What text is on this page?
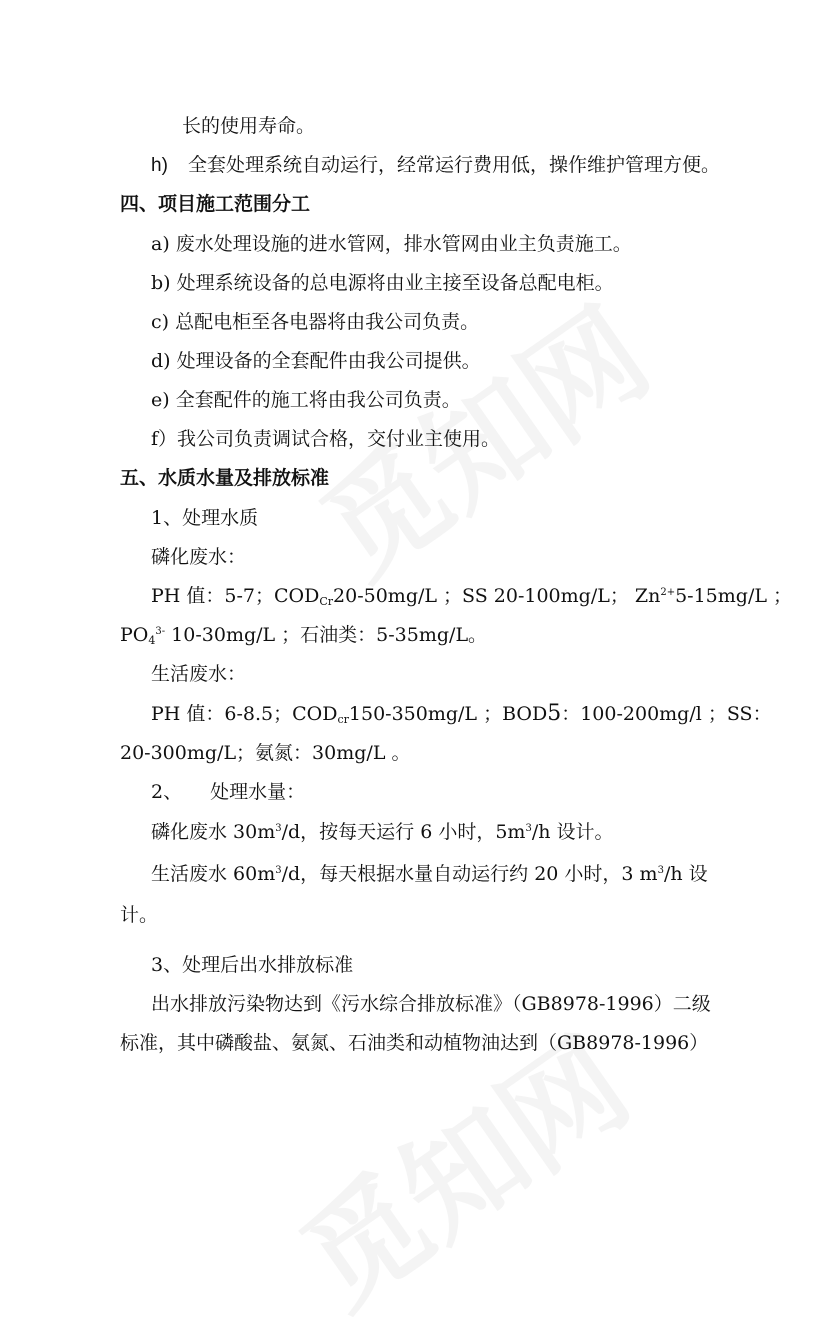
长的使用寿命。
h) 全套处理系统自动运行，经常运行费用低，操作维护管理方便。
四、项目施工范围分工
a) 废水处理设施的进水管网，排水管网由业主负责施工。
b) 处理系统设备的总电源将由业主接至设备总配电柜。
c) 总配电柜至各电器将由我公司负责。
d) 处理设备的全套配件由我公司提供。
e) 全套配件的施工将由我公司负责。
f）我公司负责调试合格，交付业主使用。
五、水质水量及排放标准
1、处理水质
磷化废水：
PH 值：5-7；$COD_{Cr}20-50mg/L$ ；SS 20-100mg/L； $Zn^{2+}5-15mg/L$ ；
$PO_4^{3-}$ 10-30mg/L ；石油类：5-35mg/L。
生活废水：
PH 值：6-8.5；$COD_{cr}150-350mg/L$ ；BOD5：100-200mg/l ；SS：
20-300mg/L；氨氮：30mg/L 。
2、 处理水量：
磷化废水 $30m^3/d$，按每天运行 6 小时，$5m^3/h$ 设计。
生活废水 $60m^3/d$，每天根据水量自动运行约 20 小时，3 $m^3/h$ 设
计。
3、处理后出水排放标准
出水排放污染物达到《污水综合排放标准》（GB8978-1996）二级
标准，其中磷酸盐、氨氮、石油类和动植物油达到（GB8978-1996）
